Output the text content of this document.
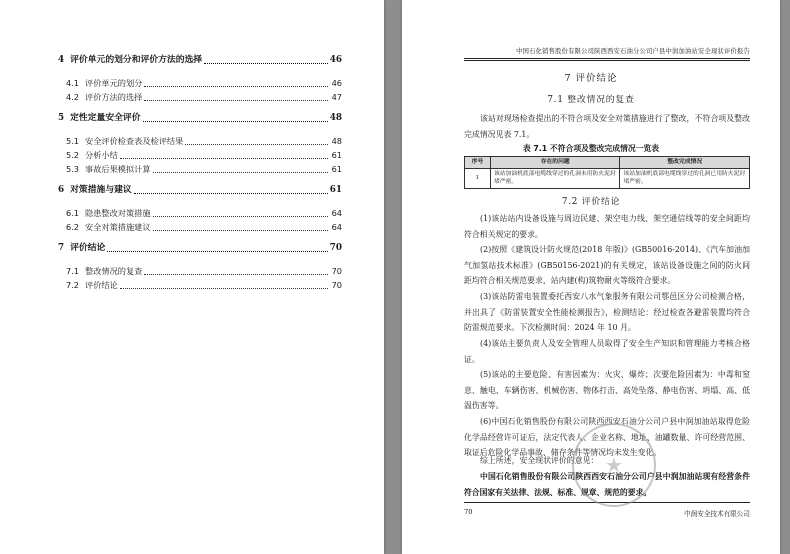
4 评价单元的划分和评价方法的选择	46
4.1 评价单元的划分	46
4.2 评价方法的选择	47
5 定性定量安全评价	48
5.1 安全评价检查表及检评结果	48
5.2 分析小结	61
5.3 事故后果模拟计算	61
6 对策措施与建议	61
6.1 隐患整改对策措施	64
6.2 安全对策措施建议	64
7 评价结论	70
7.1 整改情况的复查	70
7.2 评价结论	70
中国石化销售股份有限公司陕西西安石油分公司户县中润加油站安全现状评价报告
7 评价结论
7.1 整改情况的复查
该站对现场检查提出的不符合项及安全对策措施进行了整改，不符合项及整改完成情况见表 7.1。
表 7.1 不符合项及整改完成情况一览表
序号	存在的问题	整改完成情况
1	该站加油机底部电缆线穿过的孔洞未用防火泥封堵严密。	该站加油机底部电缆线穿过的孔洞已用防火泥封堵严密。
7.2 评价结论
(1)该站站内设备设施与周边民建、架空电力线、架空通信线等的安全间距均符合相关规定的要求。
(2)按照《建筑设计防火规范(2018 年版)》(GB50016-2014)、《汽车加油加气加氢站技术标准》(GB50156-2021)的有关规定，该站设备设施之间的防火间距均符合相关规范要求，站内建(构)筑物耐火等级符合要求。
(3)该站防雷电装置委托西安八水气象服务有限公司鄠邑区分公司检测合格，并出具了《防雷装置安全性能检测报告》，检测结论：经过检查各避雷装置均符合防雷规范要求。下次检测时间：2024 年 10 月。
(4)该站主要负责人及安全管理人员取得了安全生产知识和管理能力考核合格证。
(5)该站的主要危险、有害因素为：火灾、爆炸；次要危险因素为：中毒和窒息、触电、车辆伤害、机械伤害、物体打击、高处坠落、静电伤害、坍塌、高、低温伤害等。
(6)中国石化销售股份有限公司陕西西安石油分公司户县中润加油站取得危险化学品经营许可证后，法定代表人、企业名称、地址、油罐数量、许可经营范围、取证后危险化学品事故、储存条件等情况均未发生变化。
综上所述，安全现状评价的意见：
中国石化销售股份有限公司陕西西安石油分公司户县中润加油站现有经营条件符合国家有关法律、法规、标准、规章、规范的要求。
70	中润安全技术有限公司
★
